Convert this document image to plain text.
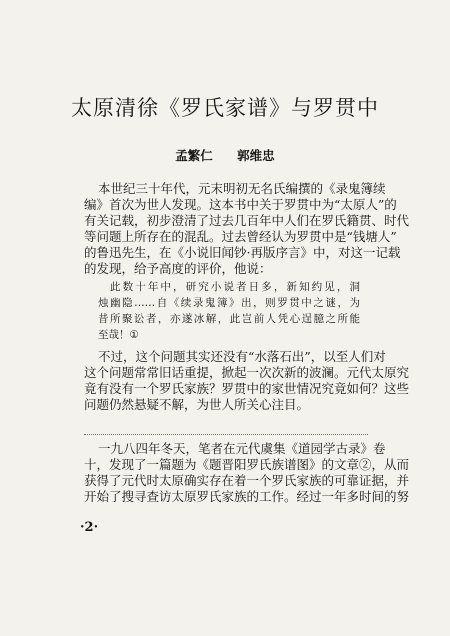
太原清徐《罗氏家谱》与罗贯中
孟繁仁 郭维忠
本世纪三十年代，元末明初无名氏编撰的《录鬼簿续
编》首次为世人发现。这本书中关于罗贯中为“太原人”的
有关记载，初步澄清了过去几百年中人们在罗氏籍贯、时代
等问题上所存在的混乱。过去曾经认为罗贯中是“钱塘人”
的鲁迅先生，在《小说旧闻钞·再版序言》中，对这一记载
的发现，给予高度的评价，他说：
此数十年中，研究小说者日多，新知约见，洞
烛幽隐……自《续录鬼簿》出，则罗贯中之谜，为
昔所聚讼者，亦遂冰解，此岂前人凭心逞臆之所能
至哉！①
不过，这个问题其实还没有“水落石出”，以至人们对
这个问题常常旧话重提，掀起一次次新的波澜。元代太原究
竟有没有一个罗氏家族？罗贯中的家世情况究竟如何？这些
问题仍然悬疑不解，为世人所关心注目。
一九八四年冬天，笔者在元代虞集《道园学古录》卷
十，发现了一篇题为《题晋阳罗氏族谱图》的文章②，从而
获得了元代时太原确实存在着一个罗氏家族的可靠证据，并
开始了搜寻查访太原罗氏家族的工作。经过一年多时间的努
·2·
